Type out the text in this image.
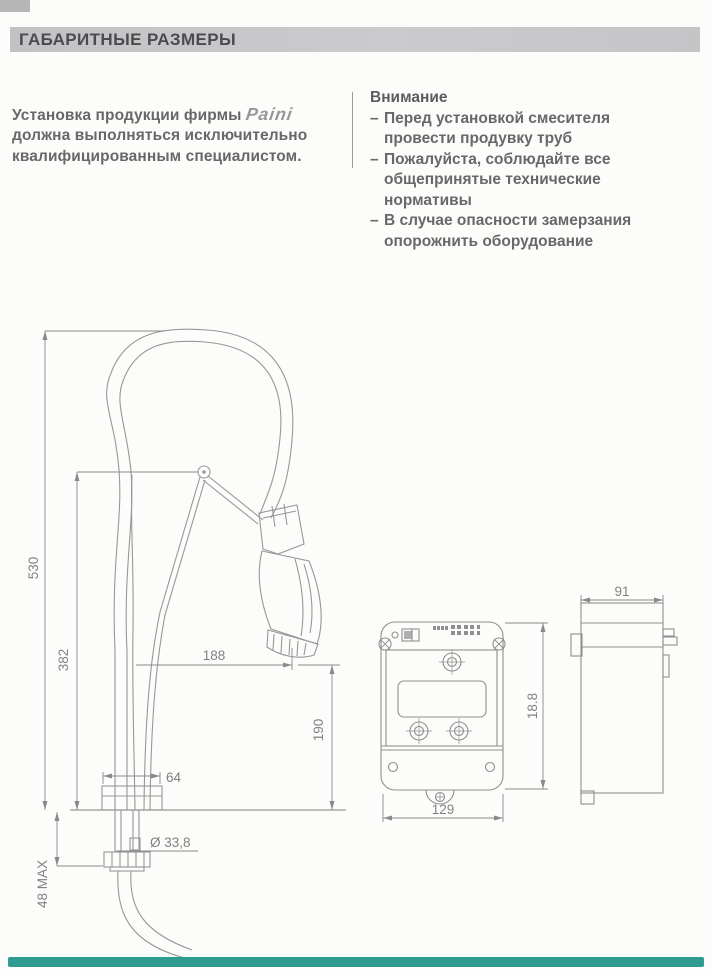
ГАБАРИТНЫЕ РАЗМЕРЫ

Установка продукции фирмы Paini должна выполняться исключительно квалифицированным специалистом.

Внимание
– Перед установкой смесителя провести продувку труб
– Пожалуйста, соблюдайте все общепринятые технические нормативы
– В случае опасности замерзания опорожнить оборудование
530
382	188
190
64
Ø 33,8
48 MAX
129
18.8
91
